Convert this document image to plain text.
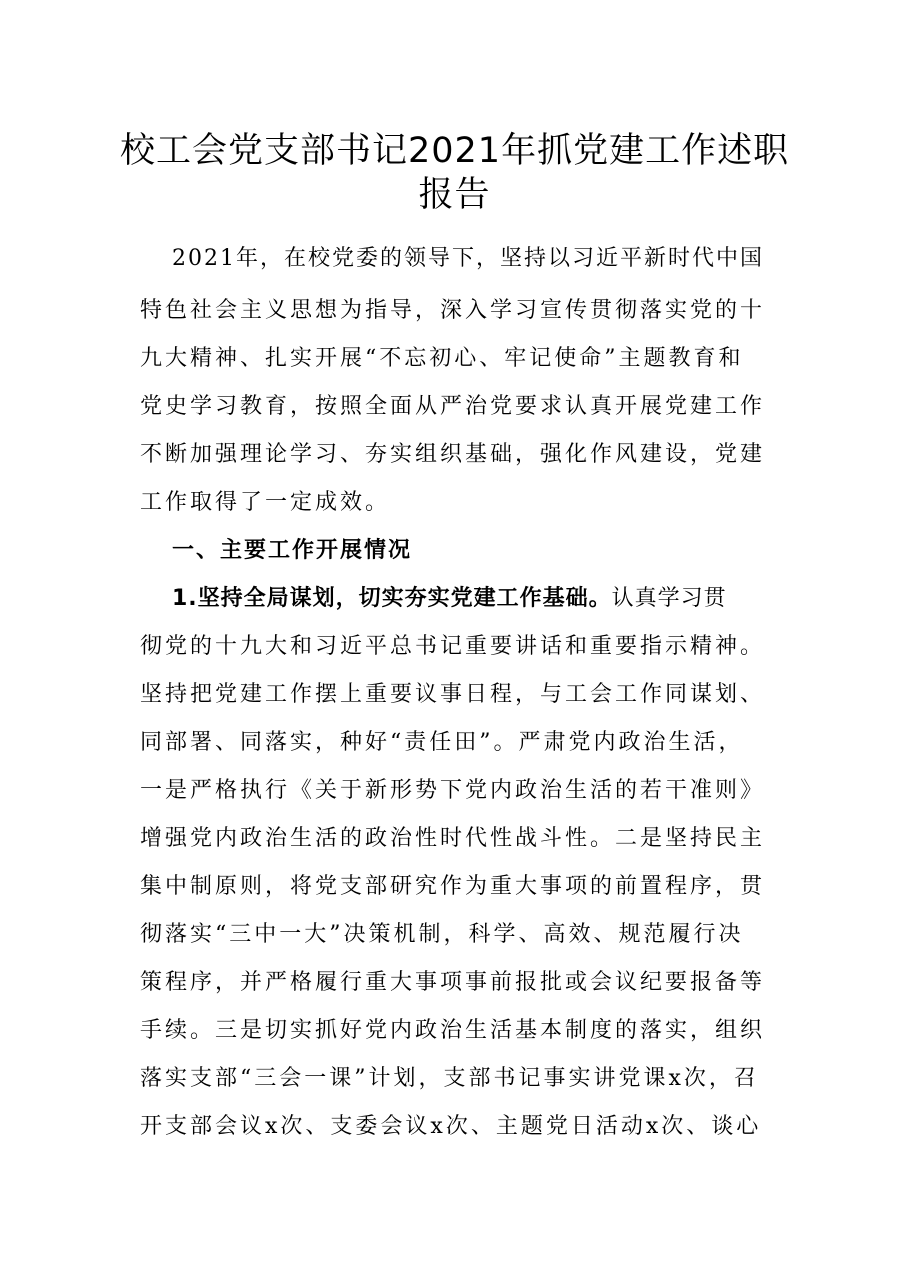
校工会党支部书记2021年抓党建工作述职
报告
2021年，在校党委的领导下，坚持以习近平新时代中国
特色社会主义思想为指导，深入学习宣传贯彻落实党的十
九大精神、扎实开展“不忘初心、牢记使命”主题教育和
党史学习教育，按照全面从严治党要求认真开展党建工作
不断加强理论学习、夯实组织基础，强化作风建设，党建
工作取得了一定成效。
一、主要工作开展情况
1.坚持全局谋划，切实夯实党建工作基础。认真学习贯
彻党的十九大和习近平总书记重要讲话和重要指示精神。
坚持把党建工作摆上重要议事日程，与工会工作同谋划、
同部署、同落实，种好“责任田”。严肃党内政治生活，
一是严格执行《关于新形势下党内政治生活的若干准则》
增强党内政治生活的政治性时代性战斗性。二是坚持民主
集中制原则，将党支部研究作为重大事项的前置程序，贯
彻落实“三中一大”决策机制，科学、高效、规范履行决
策程序，并严格履行重大事项事前报批或会议纪要报备等
手续。三是切实抓好党内政治生活基本制度的落实，组织
落实支部“三会一课”计划，支部书记事实讲党课x次，召
开支部会议x次、支委会议x次、主题党日活动x次、谈心
